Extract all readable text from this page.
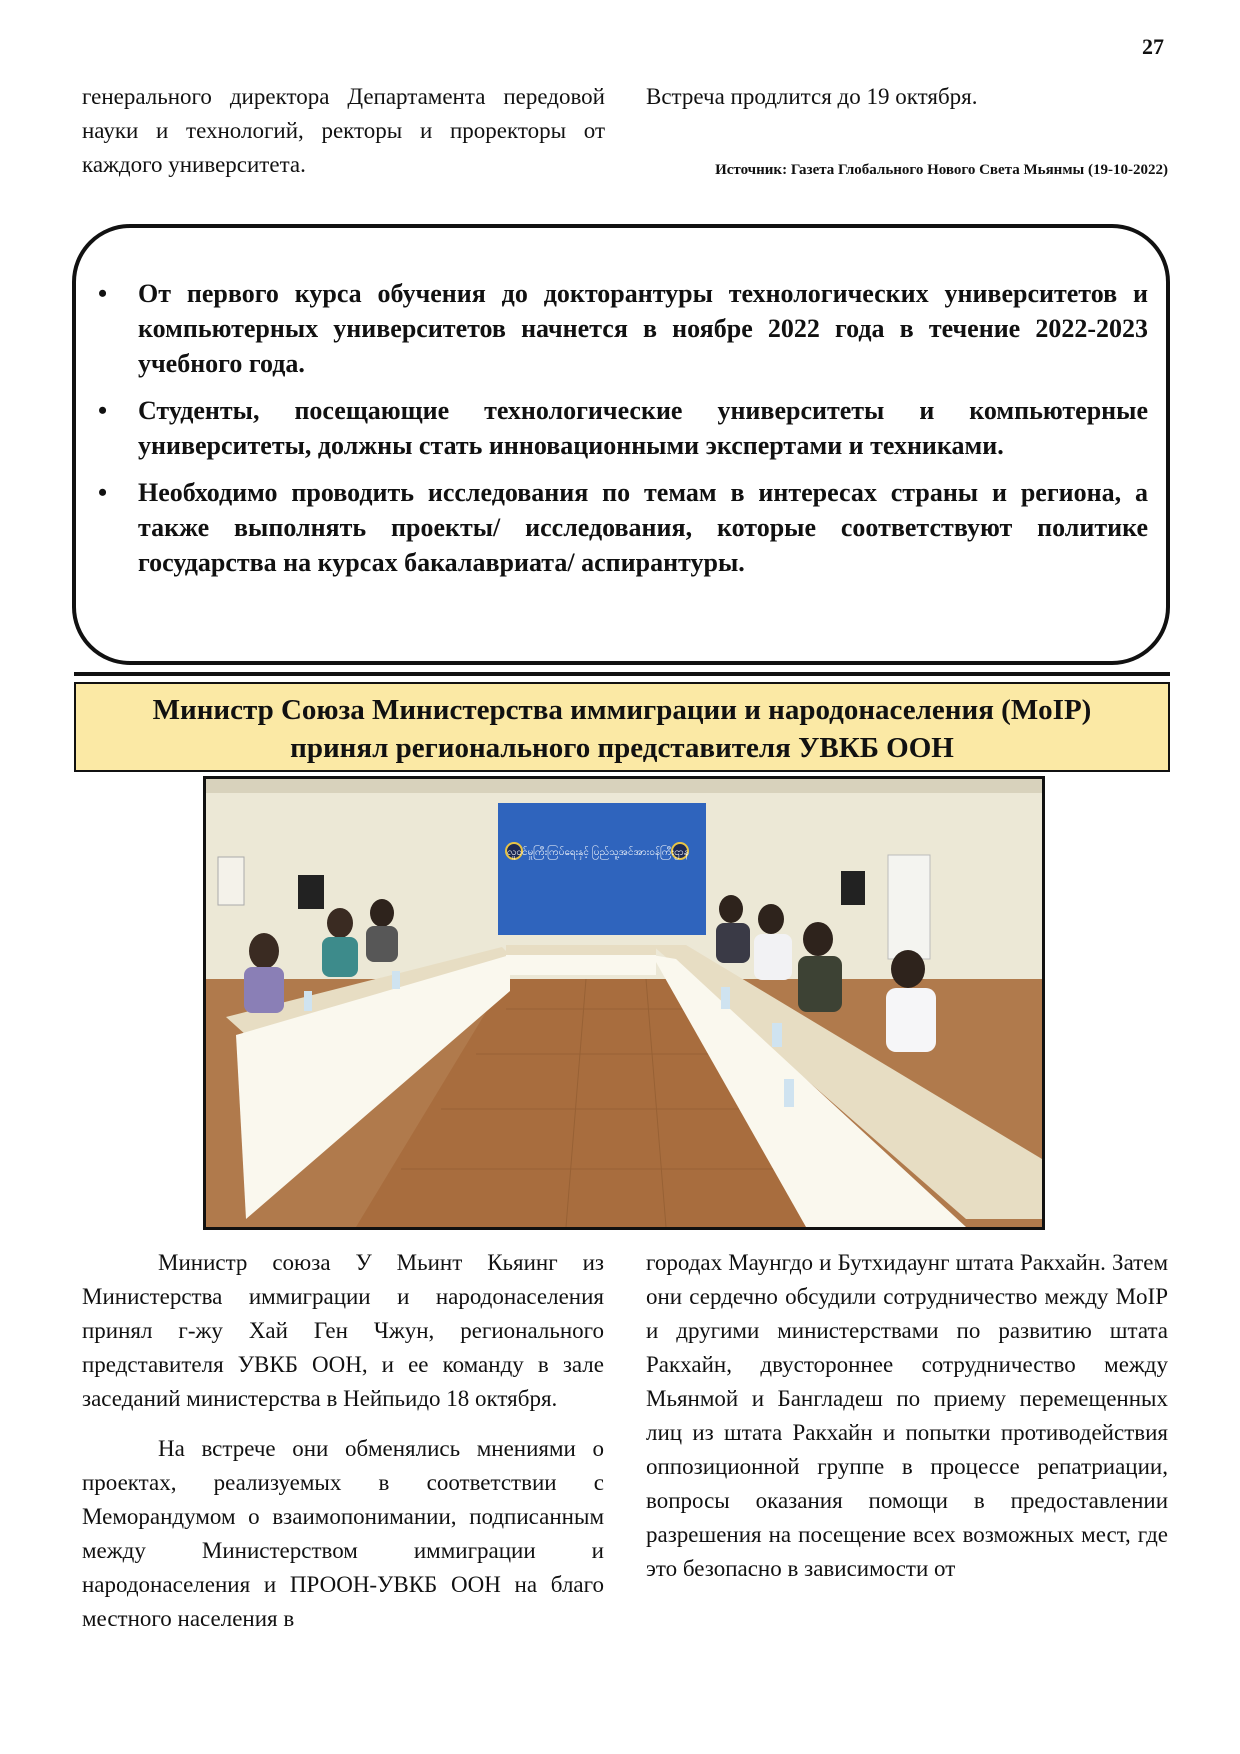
27

генерального директора Департамента передовой науки и технологий, ректоры и проректоры от каждого университета.

Встреча продлится до 19 октября.

Источник: Газета Глобального Нового Света Мьянмы (19-10-2022)
• От первого курса обучения до докторантуры технологических университетов и компьютерных университетов начнется в ноябре 2022 года в течение 2022-2023 учебного года.
• Студенты, посещающие технологические университеты и компьютерные университеты, должны стать инновационными экспертами и техниками.
• Необходимо проводить исследования по темам в интересах страны и региона, а также выполнять проекты/ исследования, которые соответствуют политике государства на курсах бакалавриата/ аспирантуры.
Министр Союза Министерства иммиграции и народонаселения (MoIP)
принял регионального представителя УВКБ ООН
လူဝင်မှုကြီးကြပ်ရေးနှင့် ပြည်သူ့အင်အားဝန်ကြီးဌာန

Министр союза У Мьинт Кьяинг из Министерства иммиграции и народонаселения принял г-жу Хай Ген Чжун, регионального представителя УВКБ ООН, и ее команду в зале заседаний министерства в Нейпьидо 18 октября.

На встрече они обменялись мнениями о проектах, реализуемых в соответствии с Меморандумом о взаимопонимании, подписанным между Министерством иммиграции и народонаселения и ПРООН-УВКБ ООН на благо местного населения в

городах Маунгдо и Бутхидаунг штата Ракхайн. Затем они сердечно обсудили сотрудничество между MoIP и другими министерствами по развитию штата Ракхайн, двустороннее сотрудничество между Мьянмой и Бангладеш по приему перемещенных лиц из штата Ракхайн и попытки противодействия оппозиционной группе в процессе репатриации, вопросы оказания помощи в предоставлении разрешения на посещение всех возможных мест, где это безопасно в зависимости от
